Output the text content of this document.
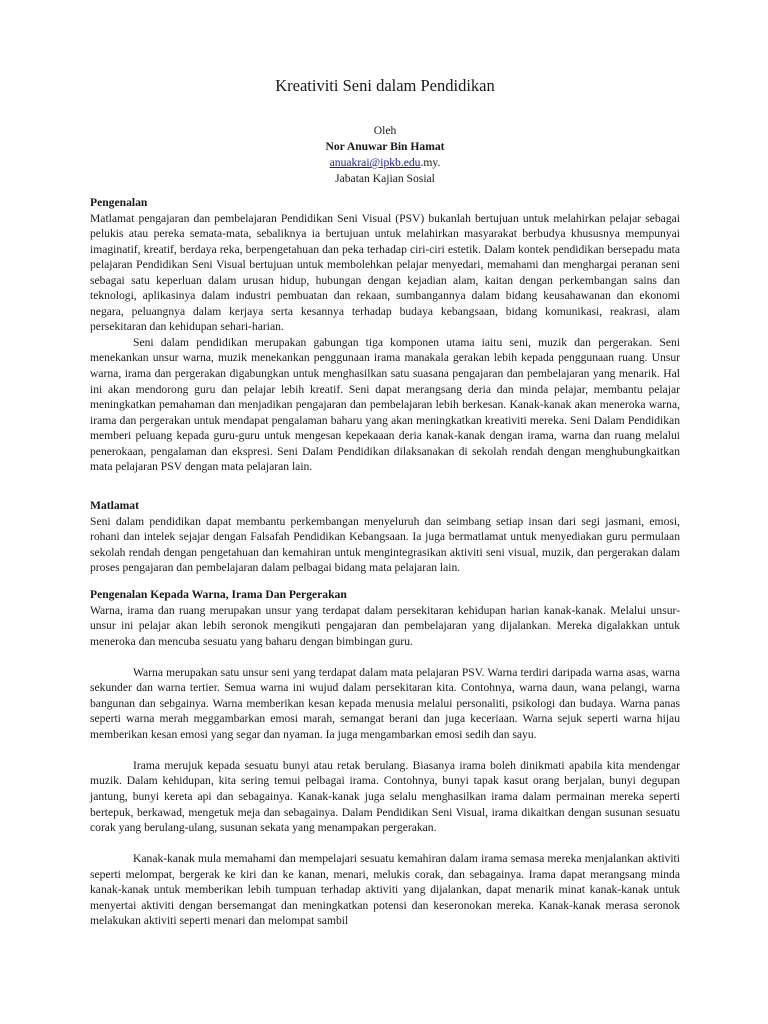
Kreativiti Seni dalam Pendidikan
Oleh
Nor Anuwar Bin Hamat
anuakrai@ipkb.edu.my.
Jabatan Kajian Sosial
Pengenalan

Matlamat pengajaran dan pembelajaran Pendidikan Seni Visual (PSV) bukanlah bertujuan untuk melahirkan pelajar sebagai pelukis atau pereka semata-mata, sebaliknya ia bertujuan untuk melahirkan masyarakat berbudya khususnya mempunyai imaginatif, kreatif, berdaya reka, berpengetahuan dan peka terhadap ciri-ciri estetik. Dalam kontek pendidikan bersepadu mata pelajaran Pendidikan Seni Visual bertujuan untuk membolehkan pelajar menyedari, memahami dan menghargai peranan seni sebagai satu keperluan dalam urusan hidup, hubungan dengan kejadian alam, kaitan dengan perkembangan sains dan teknologi, aplikasinya dalam industri pembuatan dan rekaan, sumbangannya dalam bidang keusahawanan dan ekonomi negara, peluangnya dalam kerjaya serta kesannya terhadap budaya kebangsaan, bidang komunikasi, reakrasi, alam persekitaran dan kehidupan sehari-harian.

Seni dalam pendidikan merupakan gabungan tiga komponen utama iaitu seni, muzik dan pergerakan. Seni menekankan unsur warna, muzik menekankan penggunaan irama manakala gerakan lebih kepada penggunaan ruang. Unsur warna, irama dan pergerakan digabungkan untuk menghasilkan satu suasana pengajaran dan pembelajaran yang menarik. Hal ini akan mendorong guru dan pelajar lebih kreatif. Seni dapat merangsang deria dan minda pelajar, membantu pelajar meningkatkan pemahaman dan menjadikan pengajaran dan pembelajaran lebih berkesan. Kanak-kanak akan meneroka warna, irama dan pergerakan untuk mendapat pengalaman baharu yang akan meningkatkan kreativiti mereka. Seni Dalam Pendidikan memberi peluang kepada guru-guru untuk mengesan kepekaaan deria kanak-kanak dengan irama, warna dan ruang melalui penerokaan, pengalaman dan ekspresi. Seni Dalam Pendidikan dilaksanakan di sekolah rendah dengan menghubungkaitkan mata pelajaran PSV dengan mata pelajaran lain.

Matlamat

Seni dalam pendidikan dapat membantu perkembangan menyeluruh dan seimbang setiap insan dari segi jasmani, emosi, rohani dan intelek sejajar dengan Falsafah Pendidikan Kebangsaan. Ia juga bermatlamat untuk menyediakan guru permulaan sekolah rendah dengan pengetahuan dan kemahiran untuk mengintegrasikan aktiviti seni visual, muzik, dan pergerakan dalam proses pengajaran dan pembelajaran dalam pelbagai bidang mata pelajaran lain.

Pengenalan Kepada Warna, Irama Dan Pergerakan

Warna, irama dan ruang merupakan unsur yang terdapat dalam persekitaran kehidupan harian kanak-kanak. Melalui unsur-unsur ini pelajar akan lebih seronok mengikuti pengajaran dan pembelajaran yang dijalankan. Mereka digalakkan untuk meneroka dan mencuba sesuatu yang baharu dengan bimbingan guru.

Warna merupakan satu unsur seni yang terdapat dalam mata pelajaran PSV. Warna terdiri daripada warna asas, warna sekunder dan warna tertier. Semua warna ini wujud dalam persekitaran kita. Contohnya, warna daun, wana pelangi, warna bangunan dan sebgainya. Warna memberikan kesan kepada menusia melalui personaliti, psikologi dan budaya. Warna panas seperti warna merah meggambarkan emosi marah, semangat berani dan juga keceriaan. Warna sejuk seperti warna hijau memberikan kesan emosi yang segar dan nyaman. Ia juga mengambarkan emosi sedih dan sayu.

Irama merujuk kepada sesuatu bunyi atau retak berulang. Biasanya irama boleh dinikmati apabila kita mendengar muzik. Dalam kehidupan, kita sering temui pelbagai irama. Contohnya, bunyi tapak kasut orang berjalan, bunyi degupan jantung, bunyi kereta api dan sebagainya. Kanak-kanak juga selalu menghasilkan irama dalam permainan mereka seperti bertepuk, berkawad, mengetuk meja dan sebagainya. Dalam Pendidikan Seni Visual, irama dikaitkan dengan susunan sesuatu corak yang berulang-ulang, susunan sekata yang menampakan pergerakan.

Kanak-kanak mula memahami dan mempelajari sesuatu kemahiran dalam irama semasa mereka menjalankan aktiviti seperti melompat, bergerak ke kiri dan ke kanan, menari, melukis corak, dan sebagainya. Irama dapat merangsang minda kanak-kanak untuk memberikan lebih tumpuan terhadap aktiviti yang dijalankan, dapat menarik minat kanak-kanak untuk menyertai aktiviti dengan bersemangat dan meningkatkan potensi dan keseronokan mereka. Kanak-kanak merasa seronok melakukan aktiviti seperti menari dan melompat sambil
